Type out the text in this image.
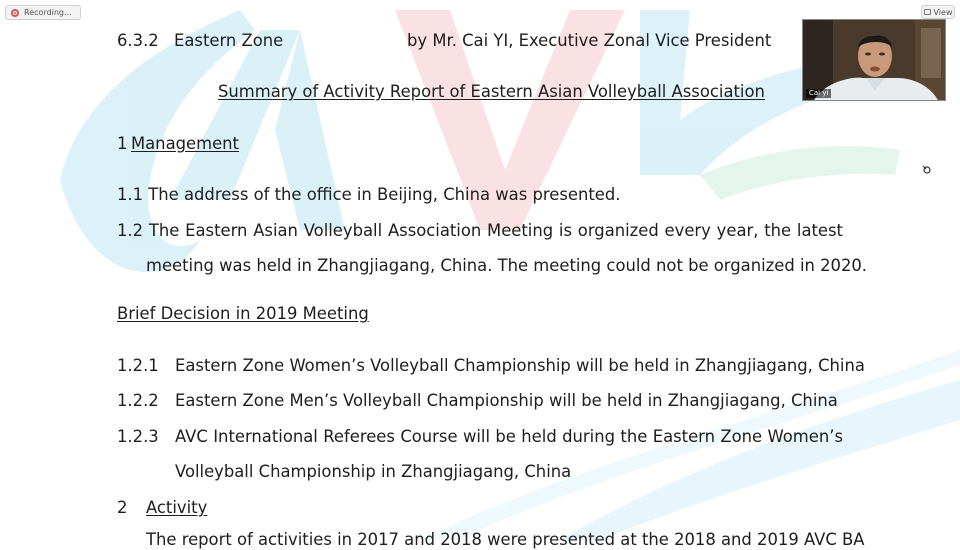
Recording...	View
Cai yi
6.3.2 Eastern Zone	by Mr. Cai YI, Executive Zonal Vice President
Summary of Activity Report of Eastern Asian Volleyball Association
1 Management
1.1 The address of the office in Beijing, China was presented.
1.2 The Eastern Asian Volleyball Association Meeting is organized every year, the latest
meeting was held in Zhangjiagang, China. The meeting could not be organized in 2020.
Brief Decision in 2019 Meeting
1.2.1 Eastern Zone Women’s Volleyball Championship will be held in Zhangjiagang, China
1.2.2 Eastern Zone Men’s Volleyball Championship will be held in Zhangjiagang, China
1.2.3 AVC International Referees Course will be held during the Eastern Zone Women’s
Volleyball Championship in Zhangjiagang, China
2 Activity
The report of activities in 2017 and 2018 were presented at the 2018 and 2019 AVC BA
